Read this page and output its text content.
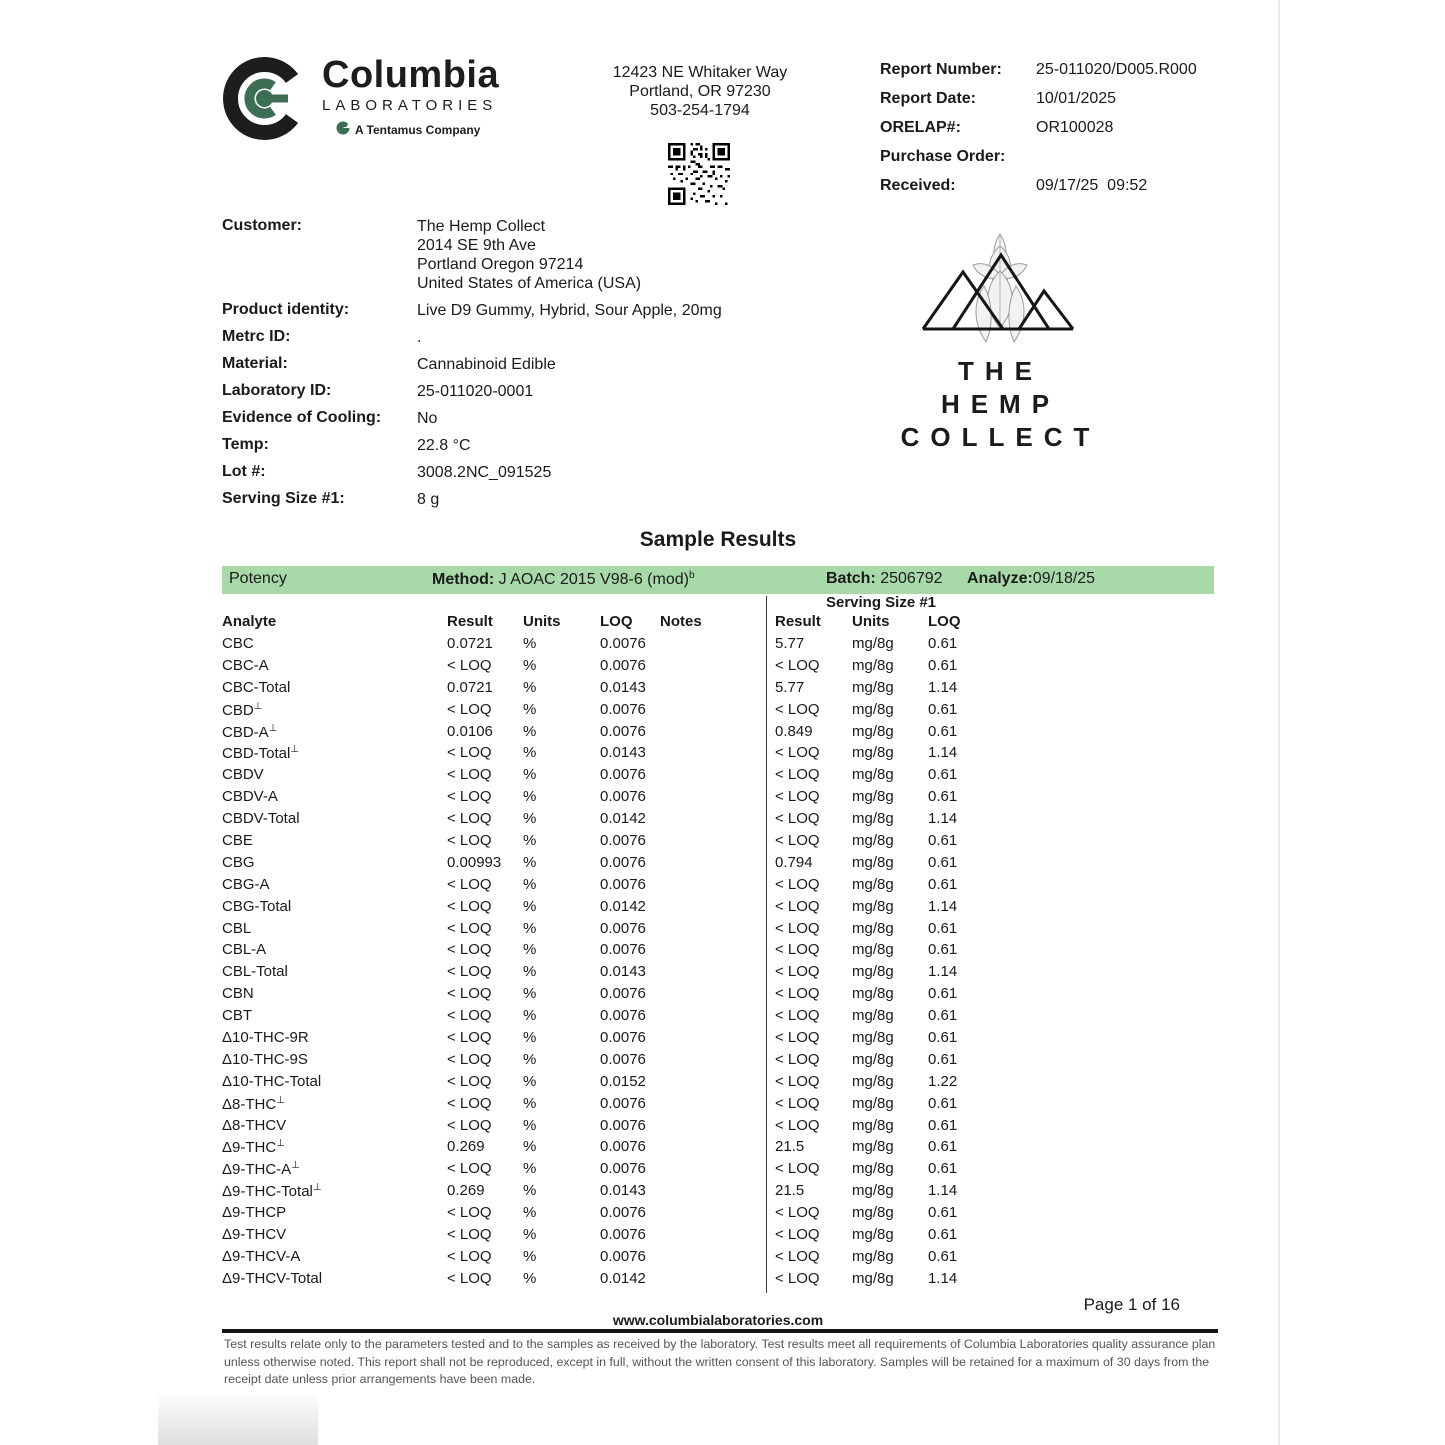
Columbia
LABORATORIES
A Tentamus Company
12423 NE Whitaker Way
Portland, OR 97230
503-254-1794
Report Number:	25-011020/D005.R000
Report Date:	10/01/2025
ORELAP#:	OR100028
Purchase Order:
Received:	09/17/25  09:52
Customer:	The Hemp Collect
2014 SE 9th Ave
Portland Oregon 97214
United States of America (USA)
Product identity:	Live D9 Gummy, Hybrid, Sour Apple, 20mg
Metrc ID:	.
Material:	Cannabinoid Edible
Laboratory ID:	25-011020-0001
Evidence of Cooling:	No
Temp:	22.8 °C
Lot #:	3008.2NC_091525
Serving Size #1:	8 g
THE HEMP
COLLECT
Sample Results
Potency	Method: J AOAC 2015 V98-6 (mod)$^b$	Batch: 2506792 Analyze:09/18/25
Serving Size #1
Analyte	Result Units	LOQ Notes	Result Units	LOQ
CBC	0.0721 %	0.0076	5.77	mg/8g 0.61
CBC-A	< LOQ %	0.0076	< LOQ mg/8g 0.61
CBC-Total	0.0721 %	0.0143	5.77	mg/8g 1.14
CBD⊥	< LOQ %	0.0076	< LOQ mg/8g 0.61
CBD-A⊥	0.0106 %	0.0076	0.849	mg/8g 0.61
CBD-Total⊥	< LOQ %	0.0143	< LOQ mg/8g 1.14
CBDV	< LOQ %	0.0076	< LOQ mg/8g 0.61
CBDV-A	< LOQ %	0.0076	< LOQ mg/8g 0.61
CBDV-Total	< LOQ %	0.0142	< LOQ mg/8g 1.14
CBE	< LOQ %	0.0076	< LOQ mg/8g 0.61
CBG	0.00993 %	0.0076	0.794	mg/8g 0.61
CBG-A	< LOQ %	0.0076	< LOQ mg/8g 0.61
CBG-Total	< LOQ %	0.0142	< LOQ mg/8g 1.14
CBL	< LOQ %	0.0076	< LOQ mg/8g 0.61
CBL-A	< LOQ %	0.0076	< LOQ mg/8g 0.61
CBL-Total	< LOQ %	0.0143	< LOQ mg/8g 1.14
CBN	< LOQ %	0.0076	< LOQ mg/8g 0.61
CBT	< LOQ %	0.0076	< LOQ mg/8g 0.61
Δ10-THC-9R	< LOQ %	0.0076	< LOQ mg/8g 0.61
Δ10-THC-9S	< LOQ %	0.0076	< LOQ mg/8g 0.61
Δ10-THC-Total	< LOQ %	0.0152	< LOQ mg/8g 1.22
Δ8-THC⊥	< LOQ %	0.0076	< LOQ mg/8g 0.61
Δ8-THCV	< LOQ %	0.0076	< LOQ mg/8g 0.61
Δ9-THC⊥	0.269	%	0.0076	21.5	mg/8g 0.61
Δ9-THC-A⊥	< LOQ %	0.0076	< LOQ mg/8g 0.61
Δ9-THC-Total⊥	0.269	%	0.0143	21.5	mg/8g 1.14
Δ9-THCP	< LOQ %	0.0076	< LOQ mg/8g 0.61
Δ9-THCV	< LOQ %	0.0076	< LOQ mg/8g 0.61
Δ9-THCV-A	< LOQ %	0.0076	< LOQ mg/8g 0.61
Δ9-THCV-Total	< LOQ %	0.0142	< LOQ mg/8g 1.14
Page 1 of 16
www.columbialaboratories.com
Test results relate only to the parameters tested and to the samples as received by the laboratory. Test results meet all requirements of Columbia Laboratories quality assurance plan unless otherwise noted. This report shall not be reproduced, except in full, without the written consent of this laboratory. Samples will be retained for a maximum of 30 days from the receipt date unless prior arrangements have been made.
